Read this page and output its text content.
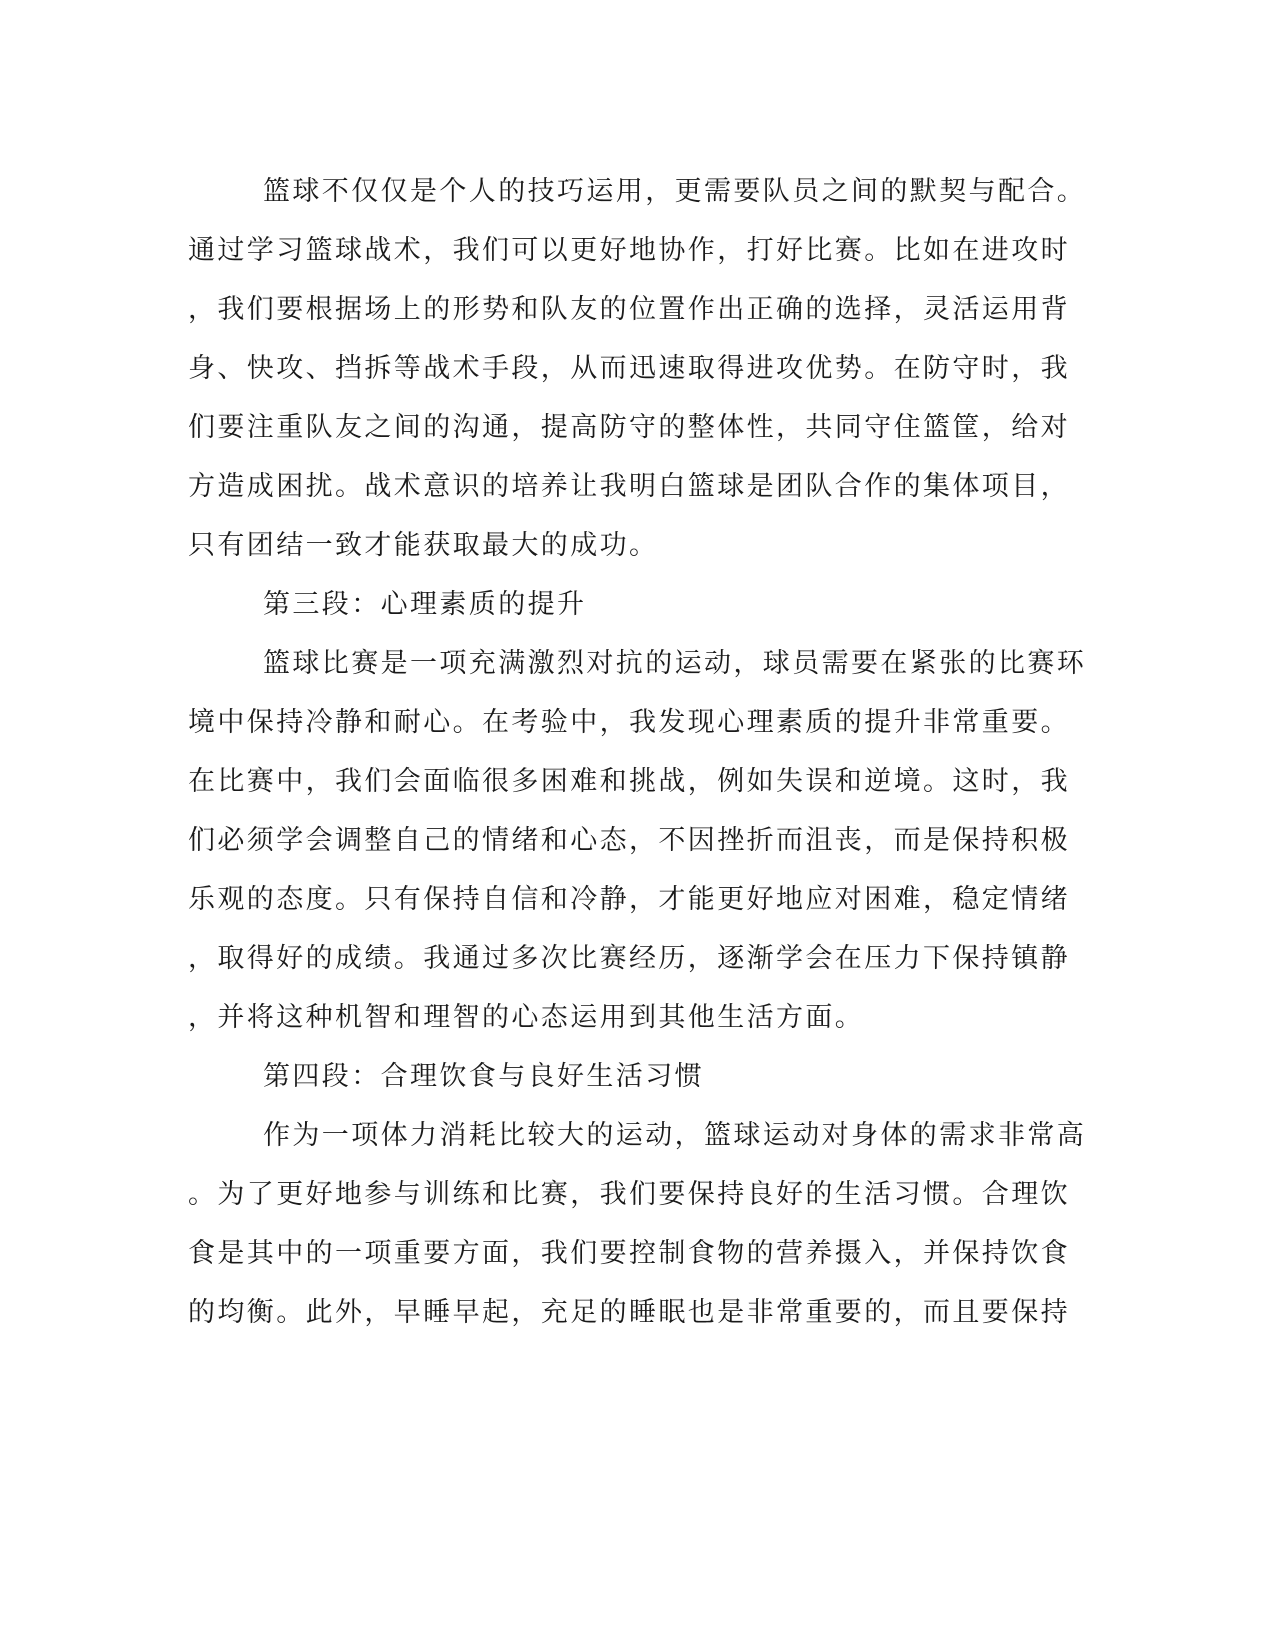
篮球不仅仅是个人的技巧运用，更需要队员之间的默契与配合。
通过学习篮球战术，我们可以更好地协作，打好比赛。比如在进攻时
，我们要根据场上的形势和队友的位置作出正确的选择，灵活运用背
身、快攻、挡拆等战术手段，从而迅速取得进攻优势。在防守时，我
们要注重队友之间的沟通，提高防守的整体性，共同守住篮筐，给对
方造成困扰。战术意识的培养让我明白篮球是团队合作的集体项目，
只有团结一致才能获取最大的成功。
第三段：心理素质的提升
篮球比赛是一项充满激烈对抗的运动，球员需要在紧张的比赛环
境中保持冷静和耐心。在考验中，我发现心理素质的提升非常重要。
在比赛中，我们会面临很多困难和挑战，例如失误和逆境。这时，我
们必须学会调整自己的情绪和心态，不因挫折而沮丧，而是保持积极
乐观的态度。只有保持自信和冷静，才能更好地应对困难，稳定情绪
，取得好的成绩。我通过多次比赛经历，逐渐学会在压力下保持镇静
，并将这种机智和理智的心态运用到其他生活方面。
第四段：合理饮食与良好生活习惯
作为一项体力消耗比较大的运动，篮球运动对身体的需求非常高
。为了更好地参与训练和比赛，我们要保持良好的生活习惯。合理饮
食是其中的一项重要方面，我们要控制食物的营养摄入，并保持饮食
的均衡。此外，早睡早起，充足的睡眠也是非常重要的，而且要保持
